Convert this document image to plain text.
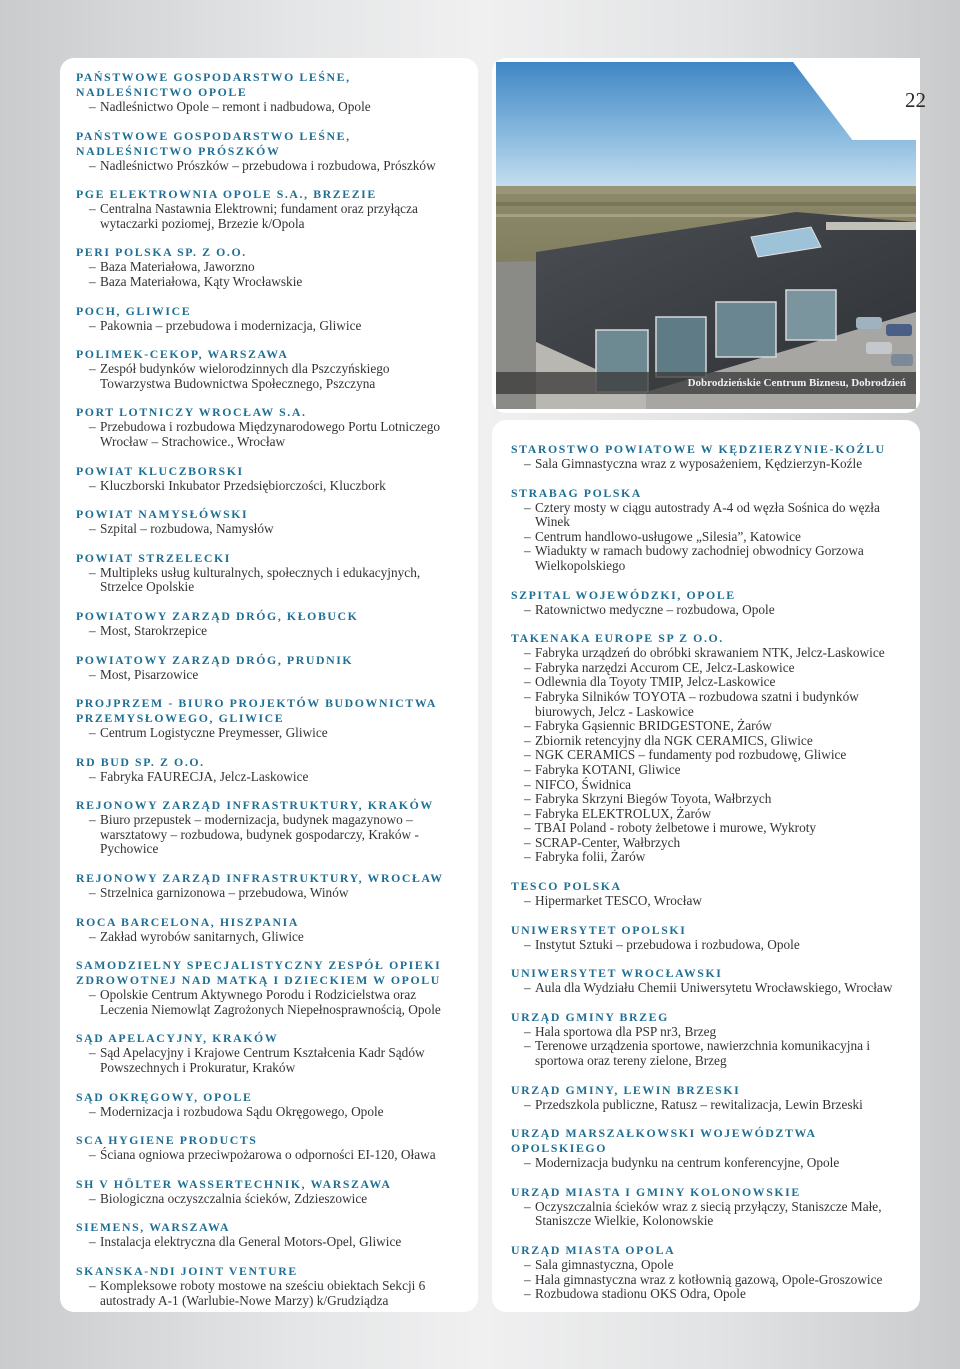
PAŃSTWOWE GOSPODARSTWO LEŚNE, NADLEŚNICTWO OPOLE
– Nadleśnictwo Opole – remont i nadbudowa, Opole
PAŃSTWOWE GOSPODARSTWO LEŚNE, NADLEŚNICTWO PRÓSZKÓW
– Nadleśnictwo Prószków – przebudowa i rozbudowa, Prószków
PGE ELEKTROWNIA OPOLE S.A., BRZEZIE
– Centralna Nastawnia Elektrowni; fundament oraz przyłącza wytaczarki poziomej, Brzezie k/Opola
PERI POLSKA SP. Z O.O.
– Baza Materiałowa, Jaworzno
– Baza Materiałowa, Kąty Wrocławskie
POCH, GLIWICE
– Pakownia – przebudowa i modernizacja, Gliwice
POLIMEK-CEKOP, WARSZAWA
– Zespół budynków wielorodzinnych dla Pszczyńskiego Towarzystwa Budownictwa Społecznego, Pszczyna
PORT LOTNICZY WROCŁAW S.A.
– Przebudowa i rozbudowa Międzynarodowego Portu Lotniczego Wrocław – Strachowice., Wrocław
POWIAT KLUCZBORSKI
– Kluczborski Inkubator Przedsiębiorczości, Kluczbork
POWIAT NAMYSŁÓWSKI
– Szpital – rozbudowa, Namysłów
POWIAT STRZELECKI
– Multipleks usług kulturalnych, społecznych i edukacyjnych, Strzelce Opolskie
POWIATOWY ZARZĄD DRÓG, KŁOBUCK
– Most, Starokrzepice
POWIATOWY ZARZĄD DRÓG, PRUDNIK
– Most, Pisarzowice
PROJPRZEM - BIURO PROJEKTÓW BUDOWNICTWA PRZEMYSŁOWEGO, GLIWICE
– Centrum Logistyczne Preymesser, Gliwice
RD BUD SP. Z O.O.
– Fabryka FAURECJA, Jelcz-Laskowice
REJONOWY ZARZĄD INFRASTRUKTURY, KRAKÓW
– Biuro przepustek – modernizacja, budynek magazynowo – warsztatowy – rozbudowa, budynek gospodarczy, Kraków - Pychowice
REJONOWY ZARZĄD INFRASTRUKTURY, WROCŁAW
– Strzelnica garnizonowa – przebudowa, Winów
ROCA BARCELONA, HISZPANIA
– Zakład wyrobów sanitarnych, Gliwice
SAMODZIELNY SPECJALISTYCZNY ZESPÓŁ OPIEKI ZDROWOTNEJ NAD MATKĄ I DZIECKIEM W OPOLU
– Opolskie Centrum Aktywnego Porodu i Rodzicielstwa oraz Leczenia Niemowląt Zagrożonych Niepełnosprawnością, Opole
SĄD APELACYJNY, KRAKÓW
– Sąd Apelacyjny i Krajowe Centrum Kształcenia Kadr Sądów Powszechnych i Prokuratur, Kraków
SĄD OKRĘGOWY, OPOLE
– Modernizacja i rozbudowa Sądu Okręgowego, Opole
SCA HYGIENE PRODUCTS
– Ściana ogniowa przeciwpożarowa o odporności EI-120, Oława
SH V HÖLTER WASSERTECHNIK, WARSZAWA
– Biologiczna oczyszczalnia ścieków, Zdzieszowice
SIEMENS, WARSZAWA
– Instalacja elektryczna dla General Motors-Opel, Gliwice
SKANSKA-NDI JOINT VENTURE
– Kompleksowe roboty mostowe na sześciu obiektach Sekcji 6 autostrady A-1 (Warlubie-Nowe Marzy) k/Grudziądza
Dobrodzieńskie Centrum Biznesu, Dobrodzień
22
STAROSTWO POWIATOWE W KĘDZIERZYNIE-KOŹLU
– Sala Gimnastyczna wraz z wyposażeniem, Kędzierzyn-Koźle
STRABAG POLSKA
– Cztery mosty w ciągu autostrady A-4 od węzła Sośnica do węzła Winek
– Centrum handlowo-usługowe „Silesia”, Katowice
– Wiadukty w ramach budowy zachodniej obwodnicy Gorzowa Wielkopolskiego
SZPITAL WOJEWÓDZKI, OPOLE
– Ratownictwo medyczne – rozbudowa, Opole
TAKENAKA EUROPE SP Z O.O.
– Fabryka urządzeń do obróbki skrawaniem NTK, Jelcz-Laskowice
– Fabryka narzędzi Accurom CE, Jelcz-Laskowice
– Odlewnia dla Toyoty TMIP, Jelcz-Laskowice
– Fabryka Silników TOYOTA – rozbudowa szatni i budynków biurowych, Jelcz - Laskowice
– Fabryka Gąsiennic BRIDGESTONE, Żarów
– Zbiornik retencyjny dla NGK CERAMICS, Gliwice
– NGK CERAMICS – fundamenty pod rozbudowę, Gliwice
– Fabryka KOTANI, Gliwice
– NIFCO, Świdnica
– Fabryka Skrzyni Biegów Toyota, Wałbrzych
– Fabryka ELEKTROLUX, Żarów
– TBAI Poland - roboty żelbetowe i murowe, Wykroty
– SCRAP-Center, Wałbrzych
– Fabryka folii, Żarów
TESCO POLSKA
– Hipermarket TESCO, Wrocław
UNIWERSYTET OPOLSKI
– Instytut Sztuki – przebudowa i rozbudowa, Opole
UNIWERSYTET WROCŁAWSKI
– Aula dla Wydziału Chemii Uniwersytetu Wrocławskiego, Wrocław
URZĄD GMINY BRZEG
– Hala sportowa dla PSP nr3, Brzeg
– Terenowe urządzenia sportowe, nawierzchnia komunikacyjna i sportowa oraz tereny zielone, Brzeg
URZĄD GMINY, LEWIN BRZESKI
– Przedszkola publiczne, Ratusz – rewitalizacja, Lewin Brzeski
URZĄD MARSZAŁKOWSKI WOJEWÓDZTWA OPOLSKIEGO
– Modernizacja budynku na centrum konferencyjne, Opole
URZĄD MIASTA I GMINY KOLONOWSKIE
– Oczyszczalnia ścieków wraz z siecią przyłączy, Staniszcze Małe, Staniszcze Wielkie, Kolonowskie
URZĄD MIASTA OPOLA
– Sala gimnastyczna, Opole
– Hala gimnastyczna wraz z kotłownią gazową, Opole-Groszowice
– Rozbudowa stadionu OKS Odra, Opole
